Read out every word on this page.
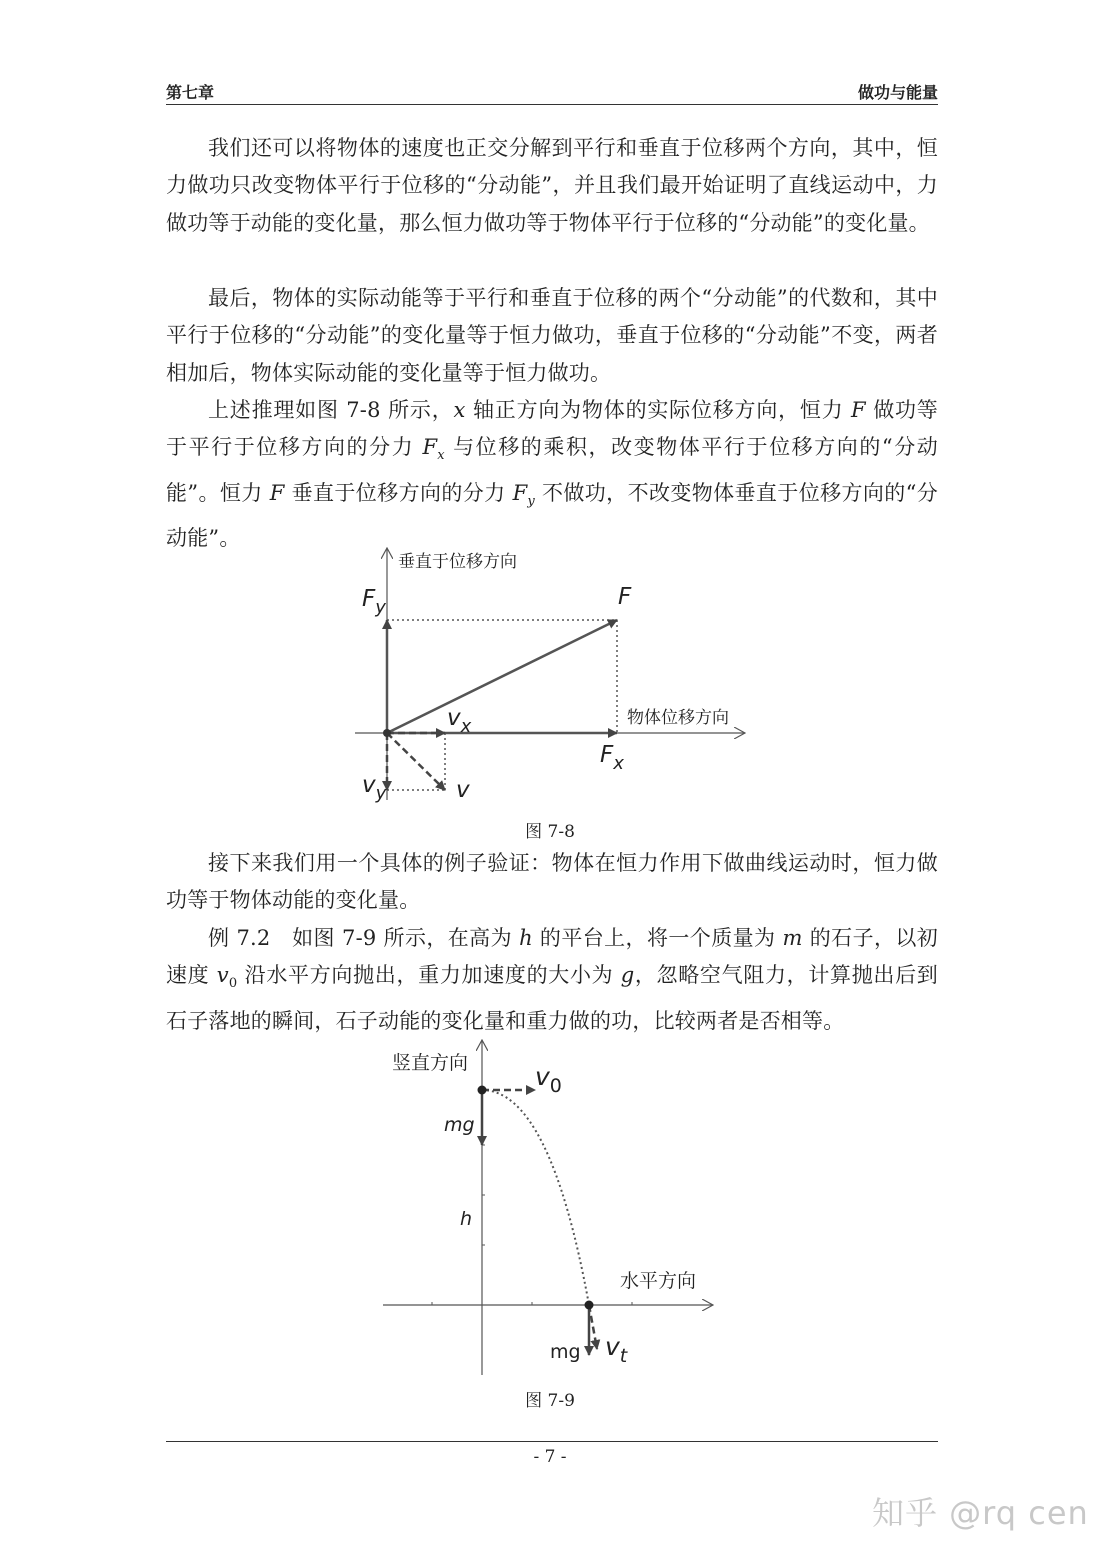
第七章	做功与能量

我们还可以将物体的速度也正交分解到平行和垂直于位移两个方向，其中，恒力做功只改变物体平行于位移的“分动能”，并且我们最开始证明了直线运动中，力做功等于动能的变化量，那么恒力做功等于物体平行于位移的“分动能”的变化量。

最后，物体的实际动能等于平行和垂直于位移的两个“分动能”的代数和，其中平行于位移的“分动能”的变化量等于恒力做功，垂直于位移的“分动能”不变，两者相加后，物体实际动能的变化量等于恒力做功。

上述推理如图 7-8 所示，x 轴正方向为物体的实际位移方向，恒力 F 做功等于平行于位移方向的分力 $F_x$ 与位移的乘积，改变物体平行于位移方向的“分动能”。恒力 F 垂直于位移方向的分力 $F_y$ 不做功，不改变物体垂直于位移方向的“分动能”。

垂直于位移方向
物体位移方向
F
$F_y$
$F_x$
$v_x$
$v_y$	v
图 7-8

接下来我们用一个具体的例子验证：物体在恒力作用下做曲线运动时，恒力做功等于物体动能的变化量。

例 7.2　如图 7-9 所示，在高为 h 的平台上，将一个质量为 m 的石子，以初速度 $v_0$ 沿水平方向抛出，重力加速度的大小为 g，忽略空气阻力，计算抛出后到石子落地的瞬间，石子动能的变化量和重力做的功，比较两者是否相等。

竖直方向
水平方向
$v_0$
mg
h
mg $v_t$
图 7-9
- 7 -
知乎 @rq cen
